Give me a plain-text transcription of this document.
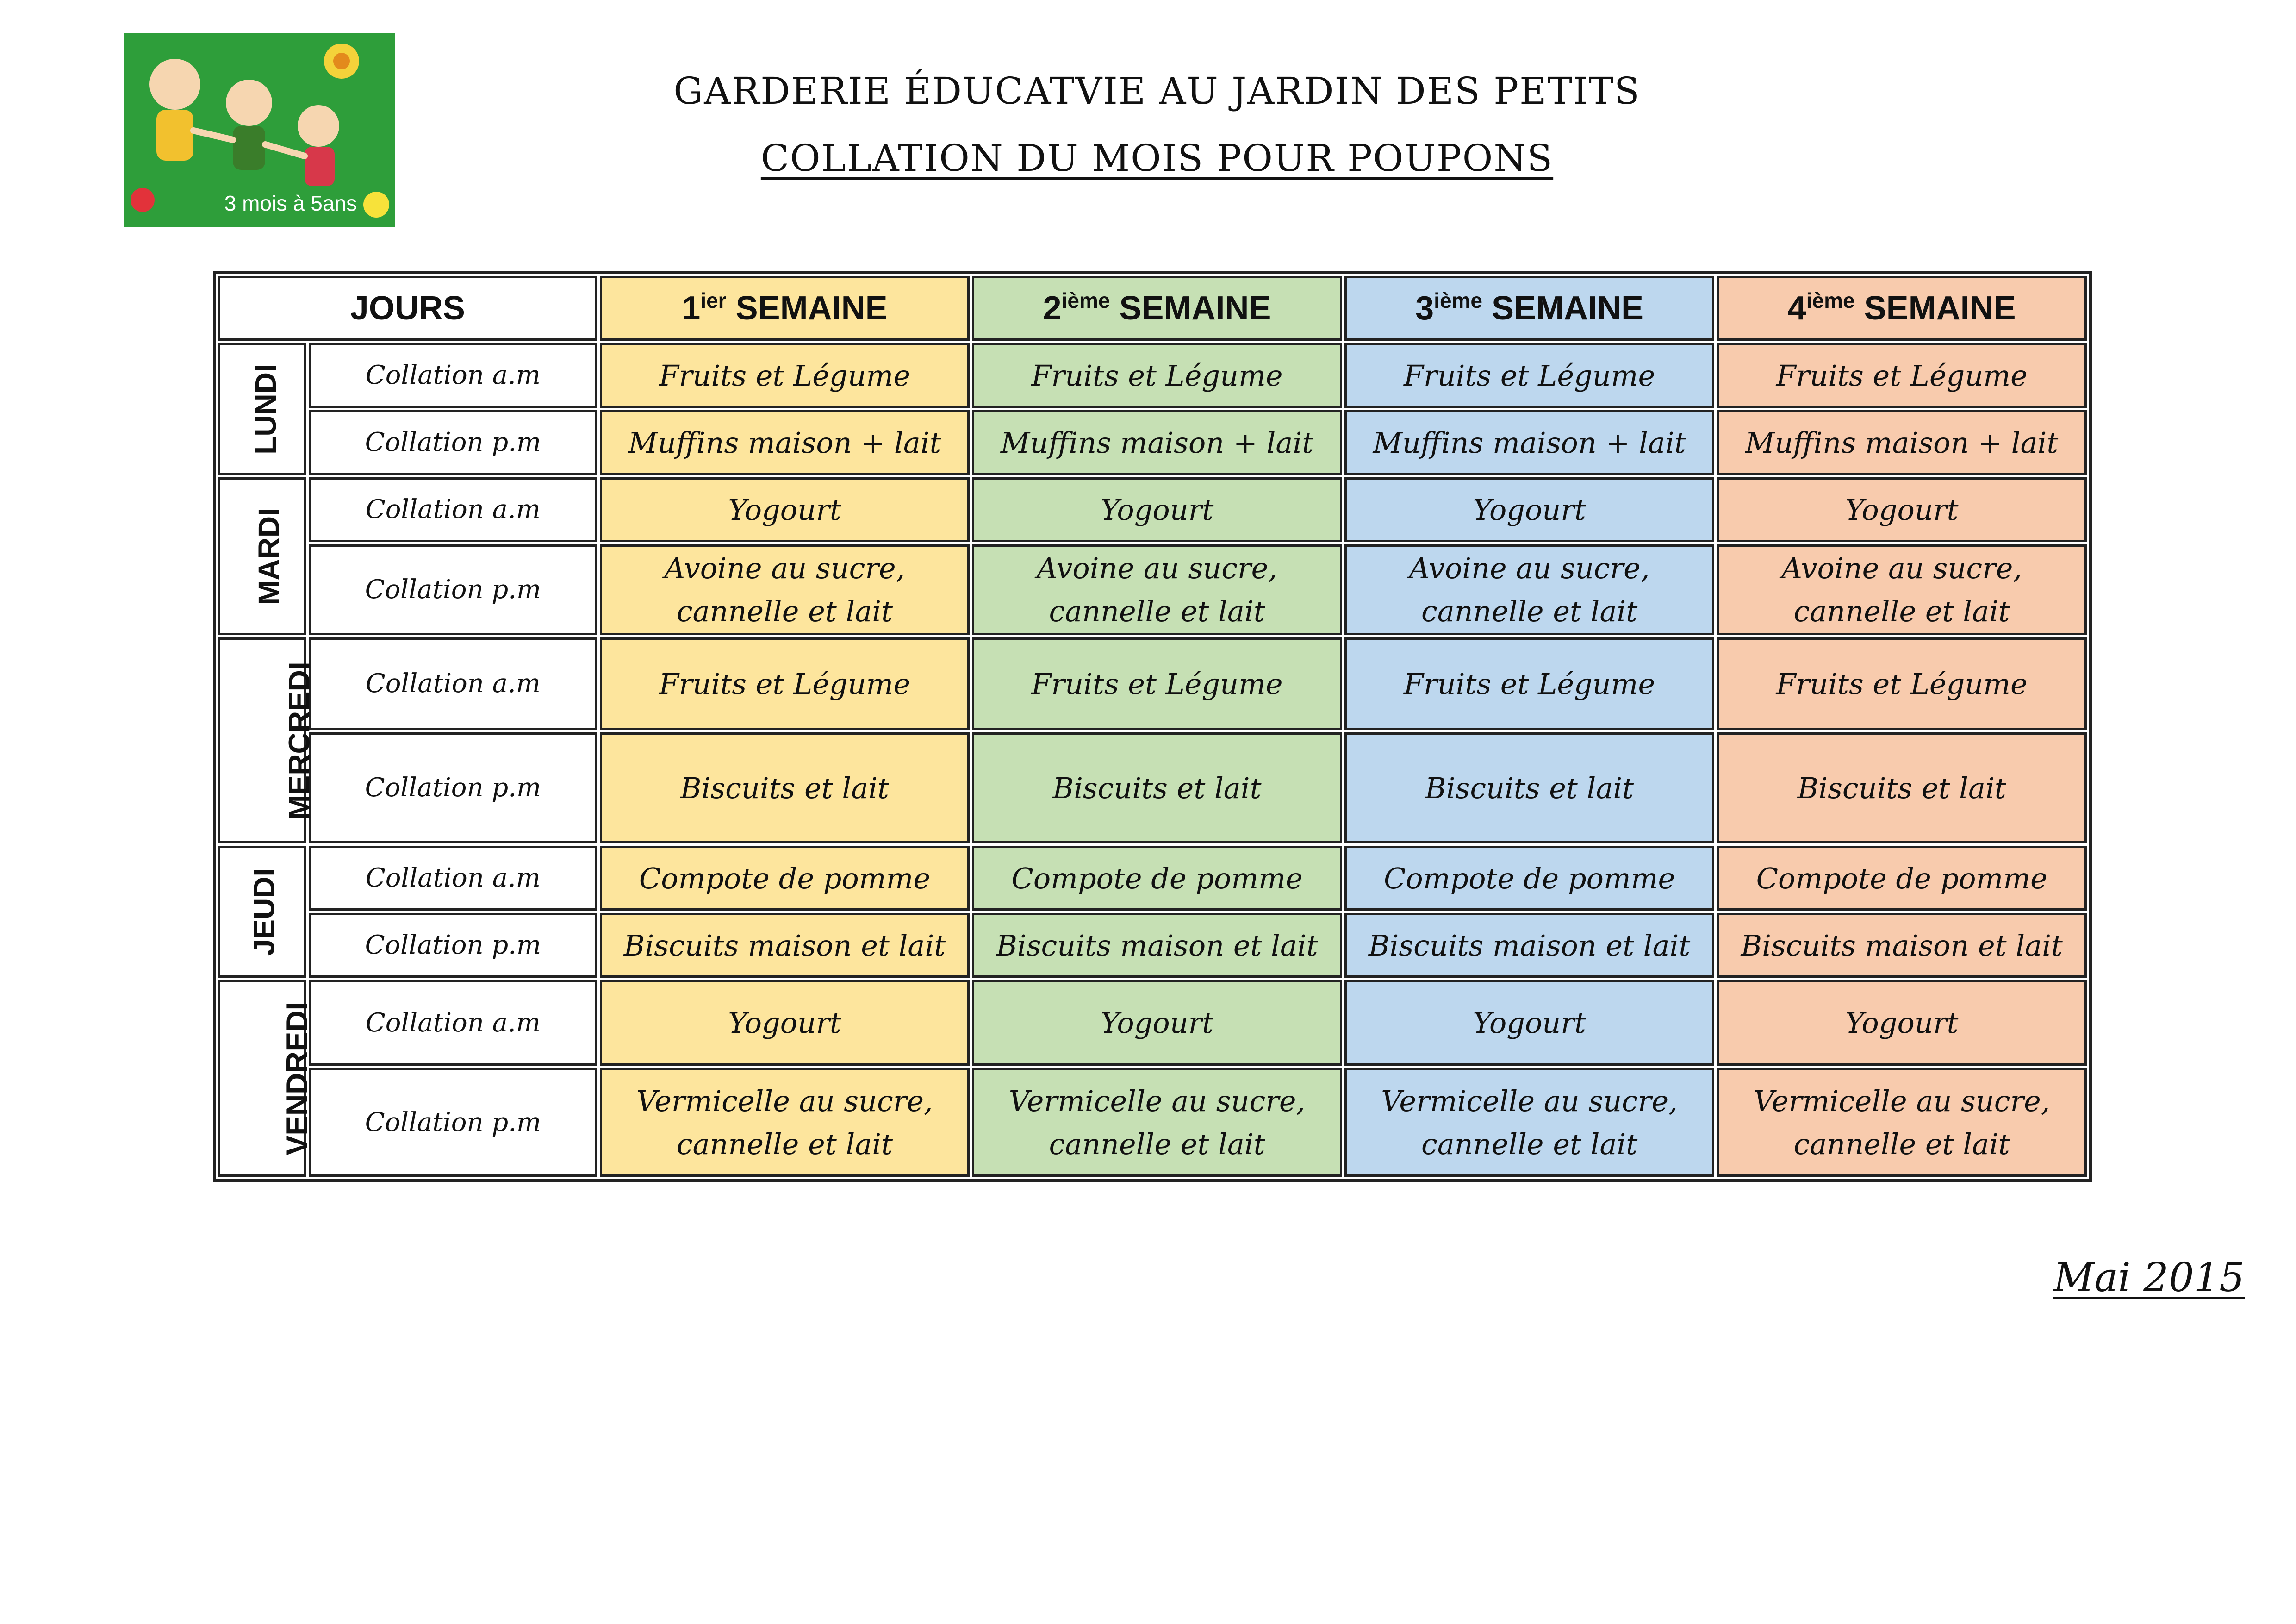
3 mois à 5ans
GARDERIE ÉDUCATVIE AU JARDIN DES PETITS
COLLATION DU MOIS POUR POUPONS
JOURS		$1^{ier}$ SEMAINE	2ième SEMAINE	3ième SEMAINE	4ième SEMAINE
LUNDI	Collation a.m	Fruits et Légume	Fruits et Légume	Fruits et Légume	Fruits et Légume
	Collation p.m	Muffins maison + lait	Muffins maison + lait	Muffins maison + lait	Muffins maison + lait
MARDI	Collation a.m	Yogourt	Yogourt	Yogourt	Yogourt
	Collation p.m	Avoine au sucre, cannelle et lait	Avoine au sucre, cannelle et lait	Avoine au sucre, cannelle et lait	Avoine au sucre, cannelle et lait
MERCREDI	Collation a.m	Fruits et Légume	Fruits et Légume	Fruits et Légume	Fruits et Légume
	Collation p.m	Biscuits et lait	Biscuits et lait	Biscuits et lait	Biscuits et lait
JEUDI	Collation a.m	Compote de pomme	Compote de pomme	Compote de pomme	Compote de pomme
	Collation p.m	Biscuits maison et lait	Biscuits maison et lait	Biscuits maison et lait	Biscuits maison et lait
VENDREDI	Collation a.m	Yogourt	Yogourt	Yogourt	Yogourt
	Collation p.m	Vermicelle au sucre, cannelle et lait	Vermicelle au sucre, cannelle et lait	Vermicelle au sucre, cannelle et lait	Vermicelle au sucre, cannelle et lait
Mai 2015
